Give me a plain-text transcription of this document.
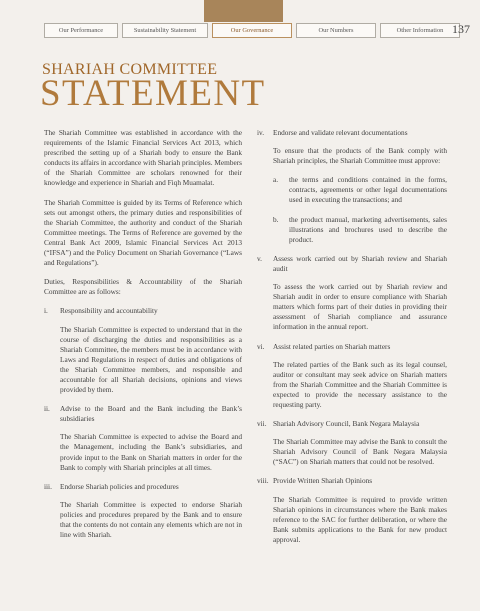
Our Performance	Sustainability Statement	Our Governance	Our Numbers	Other Information 137
SHARIAH COMMITTEE
STATEMENT

The Shariah Committee was established in accordance with the requirements of the Islamic Financial Services Act 2013, which prescribed the setting up of a Shariah body to ensure the Bank conducts its affairs in accordance with Shariah principles. Members of the Shariah Committee are scholars renowned for their knowledge and experience in Shariah and Fiqh Muamalat.

The Shariah Committee is guided by its Terms of Reference which sets out amongst others, the primary duties and responsibilities of the Shariah Committee, the authority and conduct of the Shariah Committee meetings. The Terms of Reference are governed by the Central Bank Act 2009, Islamic Financial Services Act 2013 (“IFSA”) and the Policy Document on Shariah Governance (“Laws and Regulations”).

Duties, Responsibilities & Accountability of the Shariah Committee are as follows:

i.	Responsibility and accountability

The Shariah Committee is expected to understand that in the course of discharging the duties and responsibilities as a Shariah Committee, the members must be in accordance with Laws and Regulations in respect of duties and obligations of the Shariah Committee members, and responsible and accountable for all Shariah decisions, opinions and views provided by them.

ii.	Advise to the Board and the Bank including the Bank’s subsidiaries

The Shariah Committee is expected to advise the Board and the Management, including the Bank’s subsidiaries, and provide input to the Bank on Shariah matters in order for the Bank to comply with Shariah principles at all times.

iii.	Endorse Shariah policies and procedures

The Shariah Committee is expected to endorse Shariah policies and procedures prepared by the Bank and to ensure that the contents do not contain any elements which are not in line with Shariah.

iv.	Endorse and validate relevant documentations

To ensure that the products of the Bank comply with Shariah principles, the Shariah Committee must approve:

a.	the terms and conditions contained in the forms, contracts, agreements or other legal documentations used in executing the transactions; and
b.	the product manual, marketing advertisements, sales illustrations and brochures used to describe the product.
v.	Assess work carried out by Shariah review and Shariah audit

To assess the work carried out by Shariah review and Shariah audit in order to ensure compliance with Shariah matters which forms part of their duties in providing their assessment of Shariah compliance and assurance information in the annual report.

vi.	Assist related parties on Shariah matters

The related parties of the Bank such as its legal counsel, auditor or consultant may seek advice on Shariah matters from the Shariah Committee and the Shariah Committee is expected to provide the necessary assistance to the requesting party.

vii. Shariah Advisory Council, Bank Negara Malaysia

The Shariah Committee may advise the Bank to consult the Shariah Advisory Council of Bank Negara Malaysia (“SAC”) on Shariah matters that could not be resolved.

viii. Provide Written Shariah Opinions

The Shariah Committee is required to provide written Shariah opinions in circumstances where the Bank makes reference to the SAC for further deliberation, or where the Bank submits applications to the Bank for new product approval.
